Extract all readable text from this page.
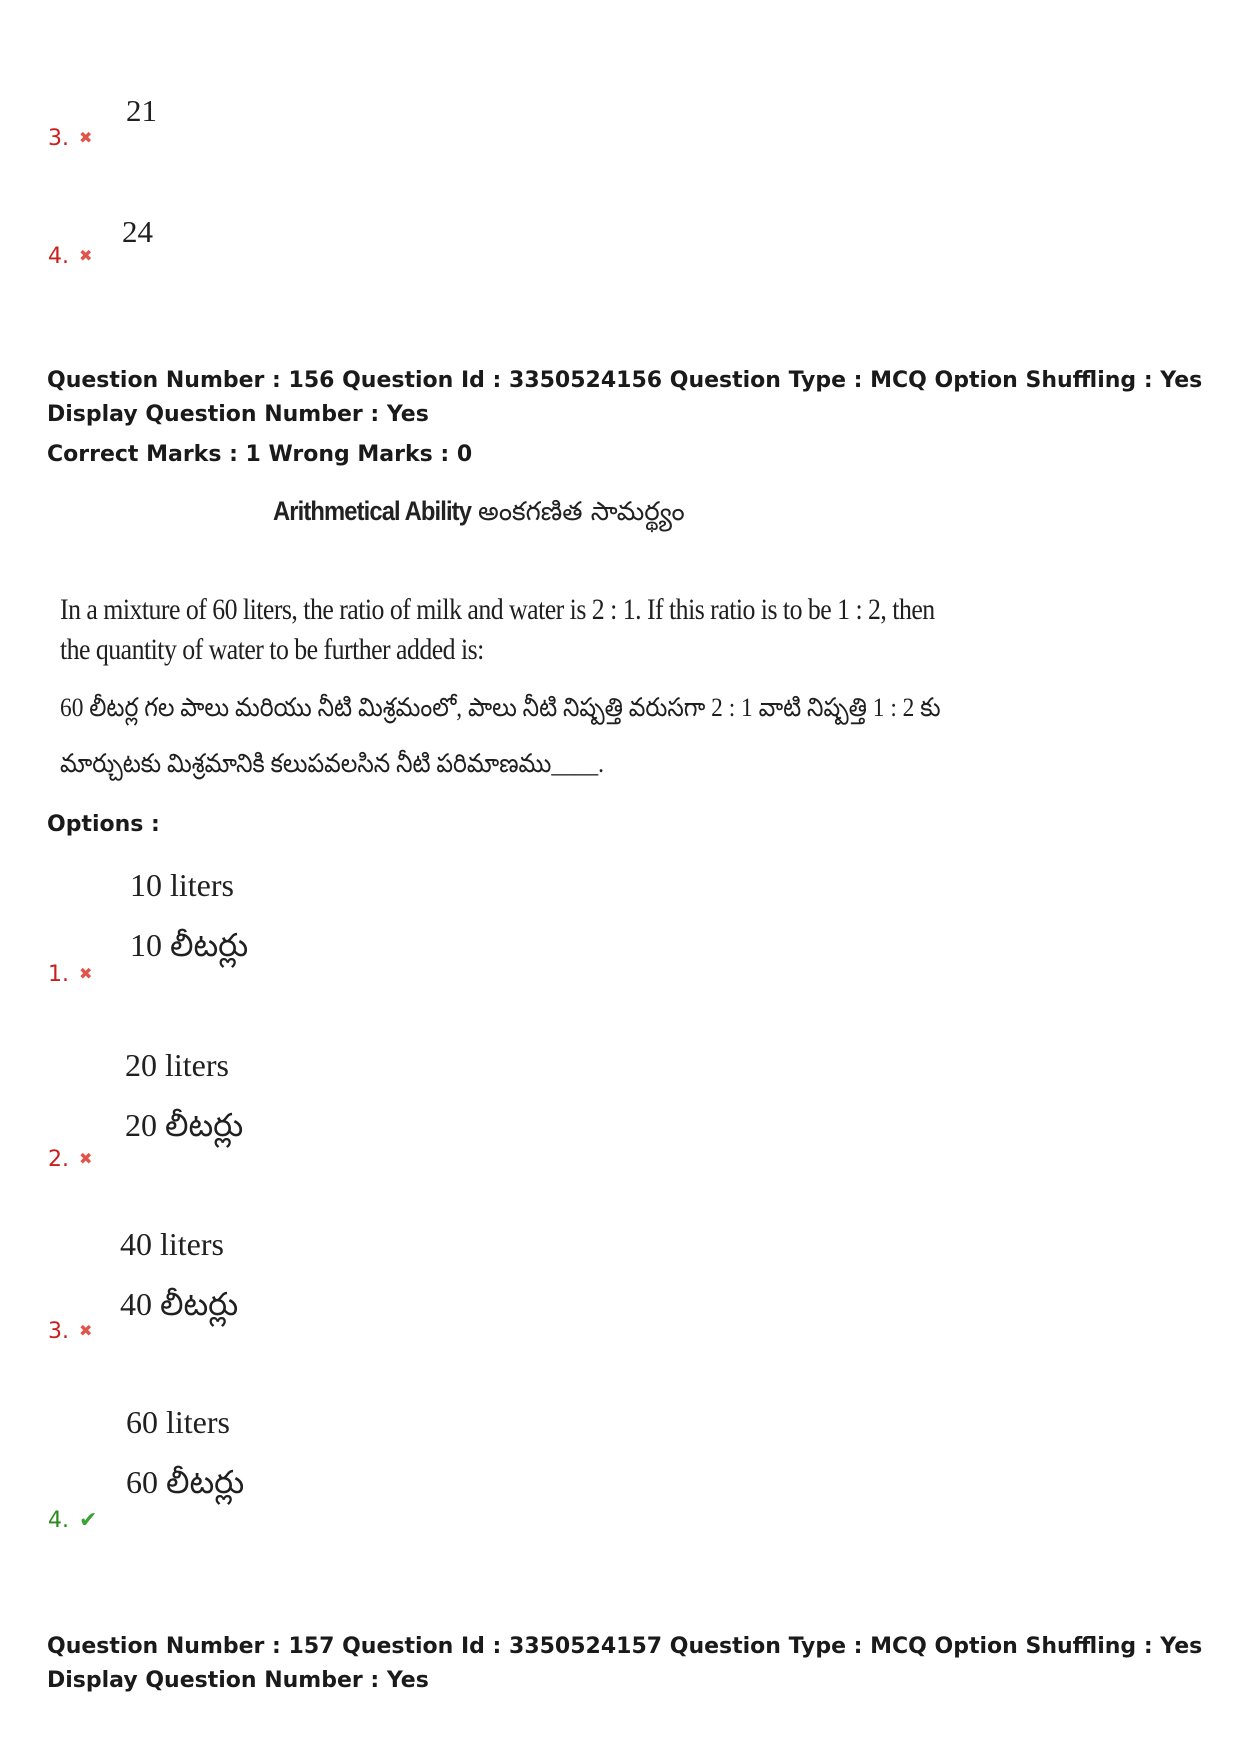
21
3. ✖
24
4. ✖
Question Number : 156 Question Id : 3350524156 Question Type : MCQ Option Shuffling : Yes
Display Question Number : Yes
Correct Marks : 1 Wrong Marks : 0
Arithmetical Ability అంకగణిత సామర్థ్యం
In a mixture of 60 liters, the ratio of milk and water is 2 : 1. If this ratio is to be 1 : 2, then
the quantity of water to be further added is:
60 లీటర్ల గల పాలు మరియు నీటి మిశ్రమంలో, పాలు నీటి నిష్పత్తి వరుసగా 2 : 1 వాటి నిష్పత్తి 1 : 2 కు
మార్చుటకు మిశ్రమానికి కలుపవలసిన నీటి పరిమాణము____.
Options :
10 liters
10 లీటర్లు
1. ✖
20 liters
20 లీటర్లు
2. ✖
40 liters
40 లీటర్లు
3. ✖
60 liters
60 లీటర్లు
4. ✔
Question Number : 157 Question Id : 3350524157 Question Type : MCQ Option Shuffling : Yes
Display Question Number : Yes
